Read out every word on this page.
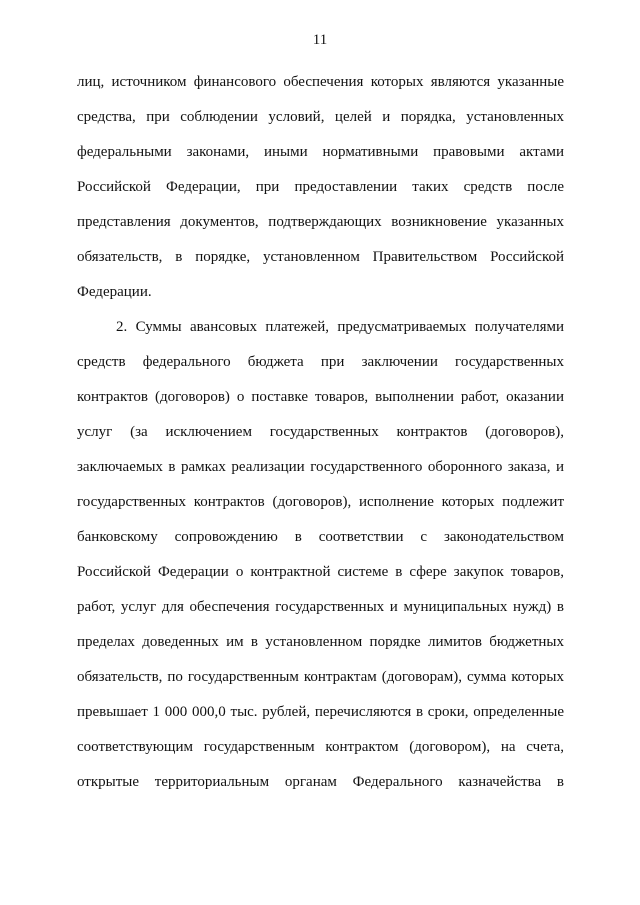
11
лиц, источником финансового обеспечения которых являются указанные
средства, при соблюдении условий, целей и порядка, установленных
федеральными законами, иными нормативными правовыми актами
Российской Федерации, при предоставлении таких средств после
представления документов, подтверждающих возникновение указанных
обязательств, в порядке, установленном Правительством Российской
Федерации.
2. Суммы авансовых платежей, предусматриваемых получателями
средств федерального бюджета при заключении государственных
контрактов (договоров) о поставке товаров, выполнении работ, оказании
услуг (за исключением государственных контрактов (договоров),
заключаемых в рамках реализации государственного оборонного заказа, и
государственных контрактов (договоров), исполнение которых подлежит
банковскому сопровождению в соответствии с законодательством
Российской Федерации о контрактной системе в сфере закупок товаров,
работ, услуг для обеспечения государственных и муниципальных нужд) в
пределах доведенных им в установленном порядке лимитов бюджетных
обязательств, по государственным контрактам (договорам), сумма которых
превышает 1 000 000,0 тыс. рублей, перечисляются в сроки, определенные
соответствующим государственным контрактом (договором), на счета,
открытые территориальным органам Федерального казначейства в
